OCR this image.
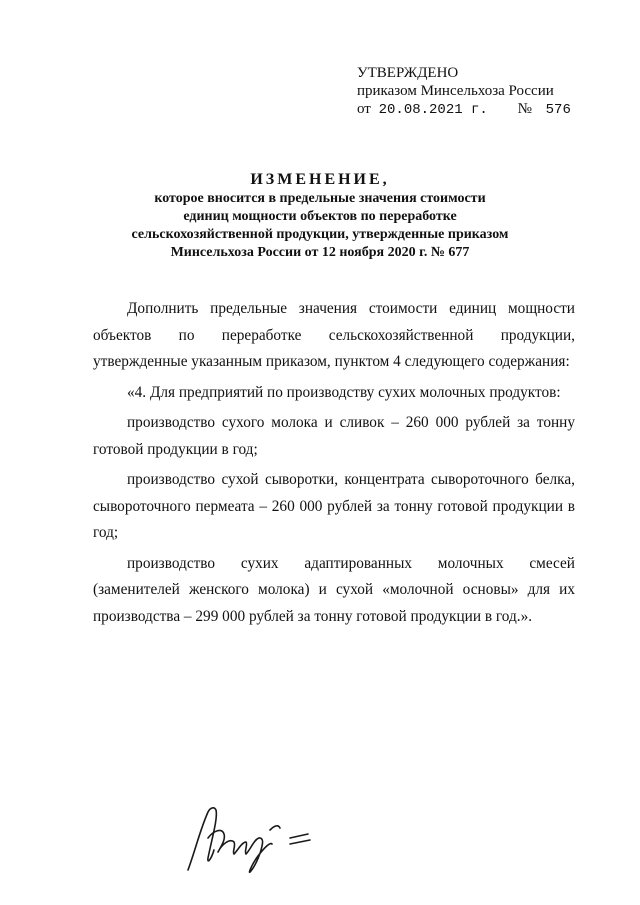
УТВЕРЖДЕНО
приказом Минсельхоза России
от 20.08.2021 г. № 576
ИЗМЕНЕНИЕ,
которое вносится в предельные значения стоимости
единиц мощности объектов по переработке
сельскохозяйственной продукции, утвержденные приказом
Минсельхоза России от 12 ноября 2020 г. № 677

Дополнить предельные значения стоимости единиц мощности объектов по переработке сельскохозяйственной продукции, утвержденные указанным приказом, пунктом 4 следующего содержания:

«4. Для предприятий по производству сухих молочных продуктов:

производство сухого молока и сливок – 260 000 рублей за тонну готовой продукции в год;

производство сухой сыворотки, концентрата сывороточного белка, сывороточного пермеата – 260 000 рублей за тонну готовой продукции в год;

производство сухих адаптированных молочных смесей (заменителей женского молока) и сухой «молочной основы» для их производства – 299 000 рублей за тонну готовой продукции в год.».
